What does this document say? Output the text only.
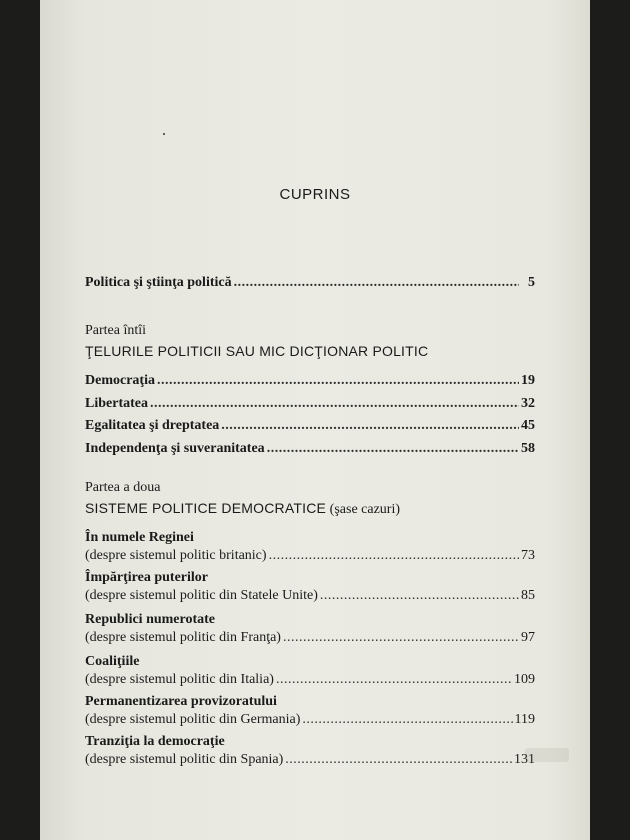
CUPRINS
Politica şi ştiinţa politică .....	5
Partea întîi
ŢELURILE POLITICII SAU MIC DICŢIONAR POLITIC
Democraţia .....	19
Libertatea .....	32
Egalitatea şi dreptatea .....	45
Independenţa şi suveranitatea .....	58
Partea a doua
SISTEME POLITICE DEMOCRATICE (şase cazuri)
În numele Reginei
(despre sistemul politic britanic) .....	73
Împărţirea puterilor
(despre sistemul politic din Statele Unite) .....	85
Republici numerotate
(despre sistemul politic din Franţa) .....	97
Coaliţiile
(despre sistemul politic din Italia) .....	109
Permanentizarea provizoratului
(despre sistemul politic din Germania) .....	119
Tranziţia la democraţie
(despre sistemul politic din Spania) .....	131
